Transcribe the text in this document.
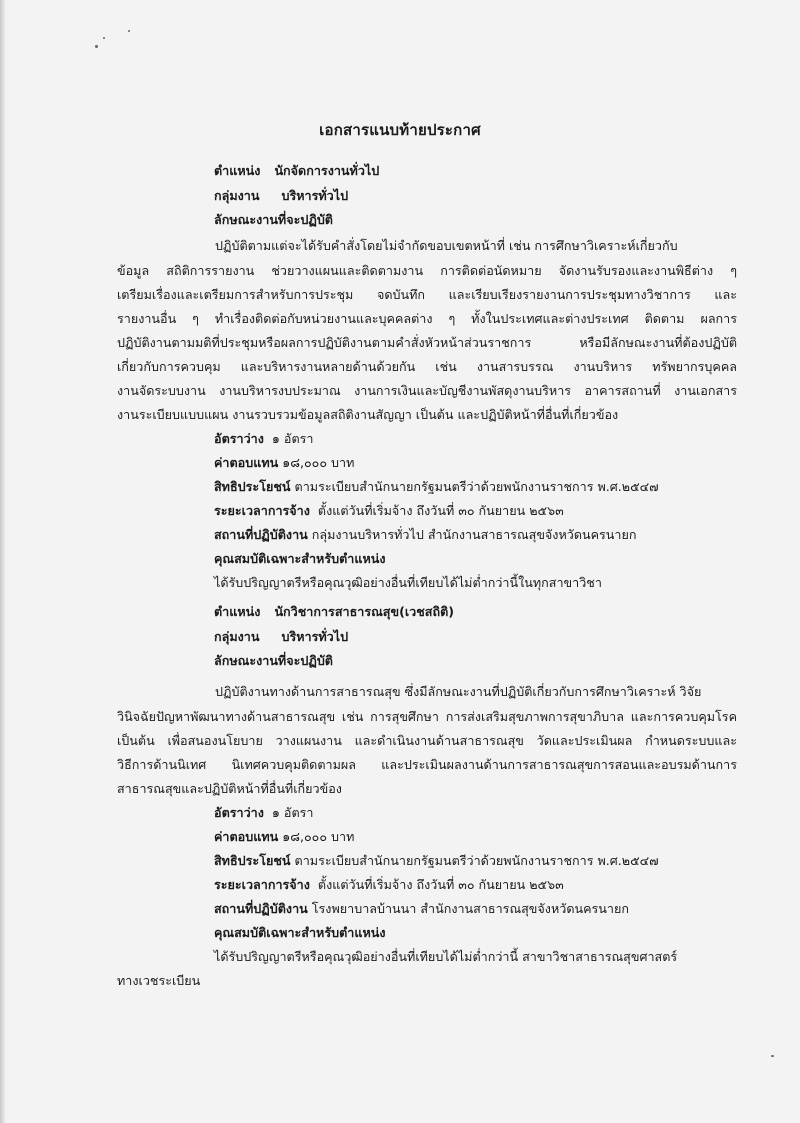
เอกสารแนบท้ายประกาศ
ตำแหน่ง นักจัดการงานทั่วไป
กลุ่มงาน บริหารทั่วไป
ลักษณะงานที่จะปฏิบัติ
ปฏิบัติตามแต่จะได้รับคำสั่งโดยไม่จำกัดขอบเขตหน้าที่ เช่น การศึกษาวิเคราะห์เกี่ยวกับ
ข้อมูล สถิติการรายงาน ช่วยวางแผนและติดตามงาน การติดต่อนัดหมาย จัดงานรับรองและงานพิธีต่าง ๆ
เตรียมเรื่องและเตรียมการสำหรับการประชุม จดบันทึก และเรียบเรียงรายงานการประชุมทางวิชาการ และ
รายงานอื่น ๆ ทำเรื่องติดต่อกับหน่วยงานและบุคคลต่าง ๆ ทั้งในประเทศและต่างประเทศ ติดตาม ผลการ
ปฏิบัติงานตามมติที่ประชุมหรือผลการปฏิบัติงานตามคำสั่งหัวหน้าส่วนราชการ หรือมีลักษณะงานที่ต้องปฏิบัติ
เกี่ยวกับการควบคุม และบริหารงานหลายด้านด้วยกัน เช่น งานสารบรรณ งานบริหาร ทรัพยากรบุคคล
งานจัดระบบงาน งานบริหารงบประมาณ งานการเงินและบัญชีงานพัสดุงานบริหาร อาคารสถานที่ งานเอกสาร
งานระเบียบแบบแผน งานรวบรวมข้อมูลสถิติงานสัญญา เป็นต้น และปฏิบัติหน้าที่อื่นที่เกี่ยวข้อง
อัตราว่าง ๑ อัตรา
ค่าตอบแทน ๑๘,๐๐๐ บาท
สิทธิประโยชน์ ตามระเบียบสำนักนายกรัฐมนตรีว่าด้วยพนักงานราชการ พ.ศ.๒๕๔๗
ระยะเวลาการจ้าง ตั้งแต่วันที่เริ่มจ้าง ถึงวันที่ ๓๐ กันยายน ๒๕๖๓
สถานที่ปฏิบัติงาน กลุ่มงานบริหารทั่วไป สำนักงานสาธารณสุขจังหวัดนครนายก
คุณสมบัติเฉพาะสำหรับตำแหน่ง
ได้รับปริญญาตรีหรือคุณวุฒิอย่างอื่นที่เทียบได้ไม่ต่ำกว่านี้ในทุกสาขาวิชา
ตำแหน่ง นักวิชาการสาธารณสุข(เวชสถิติ)
กลุ่มงาน บริหารทั่วไป
ลักษณะงานที่จะปฏิบัติ
ปฏิบัติงานทางด้านการสาธารณสุข ซึ่งมีลักษณะงานที่ปฏิบัติเกี่ยวกับการศึกษาวิเคราะห์ วิจัย
วินิจฉัยปัญหาพัฒนาทางด้านสาธารณสุข เช่น การสุขศึกษา การส่งเสริมสุขภาพการสุขาภิบาล และการควบคุมโรค
เป็นต้น เพื่อสนองนโยบาย วางแผนงาน และดำเนินงานด้านสาธารณสุข วัดและประเมินผล กำหนดระบบและ
วิธีการด้านนิเทศ นิเทศควบคุมติดตามผล และประเมินผลงานด้านการสาธารณสุขการสอนและอบรมด้านการ
สาธารณสุขและปฏิบัติหน้าที่อื่นที่เกี่ยวข้อง
อัตราว่าง ๑ อัตรา
ค่าตอบแทน ๑๘,๐๐๐ บาท
สิทธิประโยชน์ ตามระเบียบสำนักนายกรัฐมนตรีว่าด้วยพนักงานราชการ พ.ศ.๒๕๔๗
ระยะเวลาการจ้าง ตั้งแต่วันที่เริ่มจ้าง ถึงวันที่ ๓๐ กันยายน ๒๕๖๓
สถานที่ปฏิบัติงาน โรงพยาบาลบ้านนา สำนักงานสาธารณสุขจังหวัดนครนายก
คุณสมบัติเฉพาะสำหรับตำแหน่ง
ได้รับปริญญาตรีหรือคุณวุฒิอย่างอื่นที่เทียบได้ไม่ต่ำกว่านี้ สาขาวิชาสาธารณสุขศาสตร์
ทางเวชระเบียน
